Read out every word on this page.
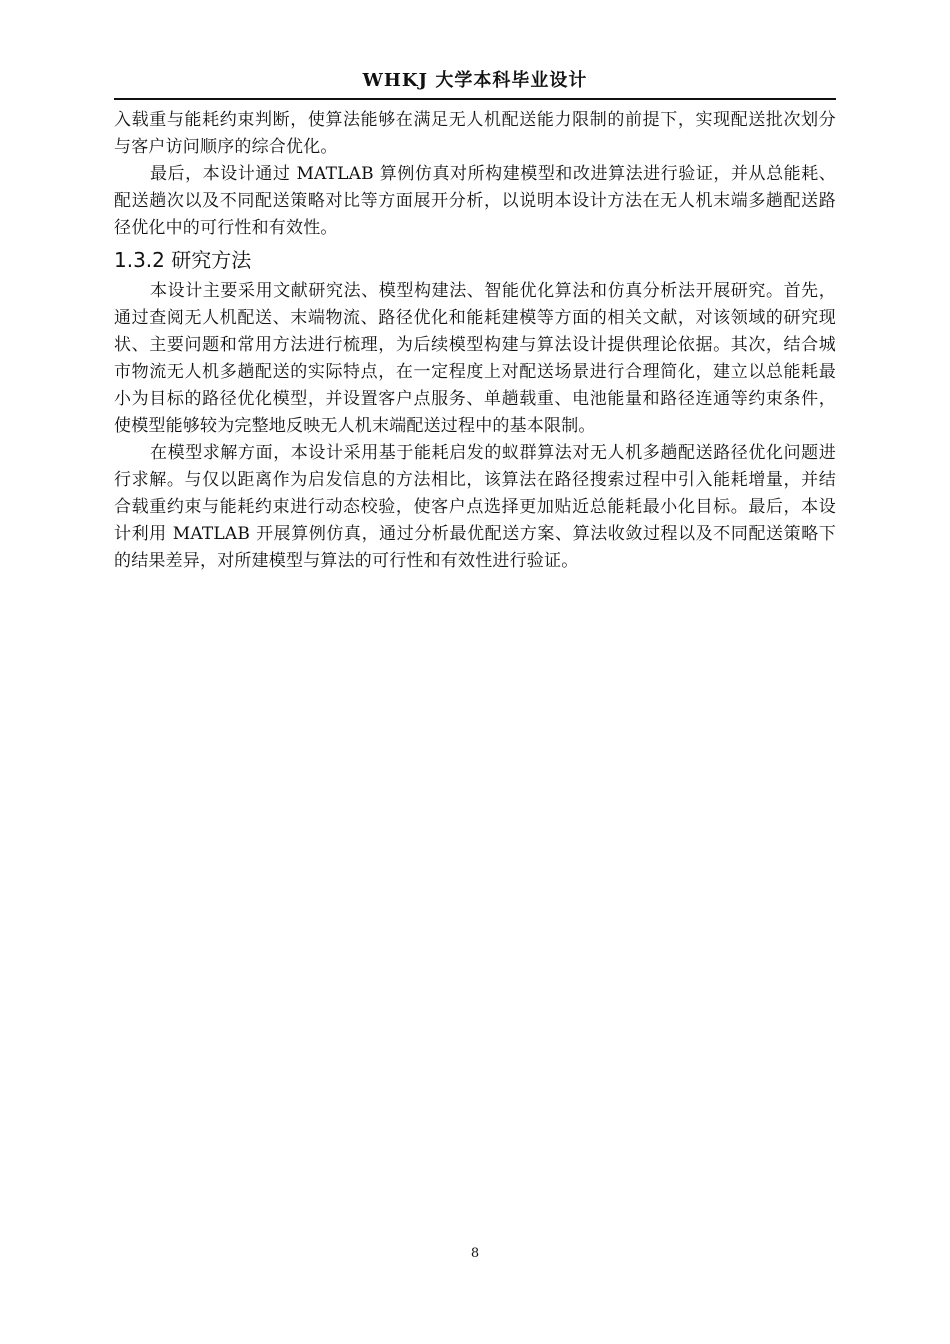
WHKJ 大学本科毕业设计

入载重与能耗约束判断，使算法能够在满足无人机配送能力限制的前提下，实现配送批次划分与客户访问顺序的综合优化。

最后，本设计通过 MATLAB 算例仿真对所构建模型和改进算法进行验证，并从总能耗、配送趟次以及不同配送策略对比等方面展开分析，以说明本设计方法在无人机末端多趟配送路径优化中的可行性和有效性。

1.3.2 研究方法

本设计主要采用文献研究法、模型构建法、智能优化算法和仿真分析法开展研究。首先，通过查阅无人机配送、末端物流、路径优化和能耗建模等方面的相关文献，对该领域的研究现状、主要问题和常用方法进行梳理，为后续模型构建与算法设计提供理论依据。其次，结合城市物流无人机多趟配送的实际特点，在一定程度上对配送场景进行合理简化，建立以总能耗最小为目标的路径优化模型，并设置客户点服务、单趟载重、电池能量和路径连通等约束条件，使模型能够较为完整地反映无人机末端配送过程中的基本限制。

在模型求解方面，本设计采用基于能耗启发的蚁群算法对无人机多趟配送路径优化问题进行求解。与仅以距离作为启发信息的方法相比，该算法在路径搜索过程中引入能耗增量，并结合载重约束与能耗约束进行动态校验，使客户点选择更加贴近总能耗最小化目标。最后，本设计利用 MATLAB 开展算例仿真，通过分析最优配送方案、算法收敛过程以及不同配送策略下的结果差异，对所建模型与算法的可行性和有效性进行验证。

8
